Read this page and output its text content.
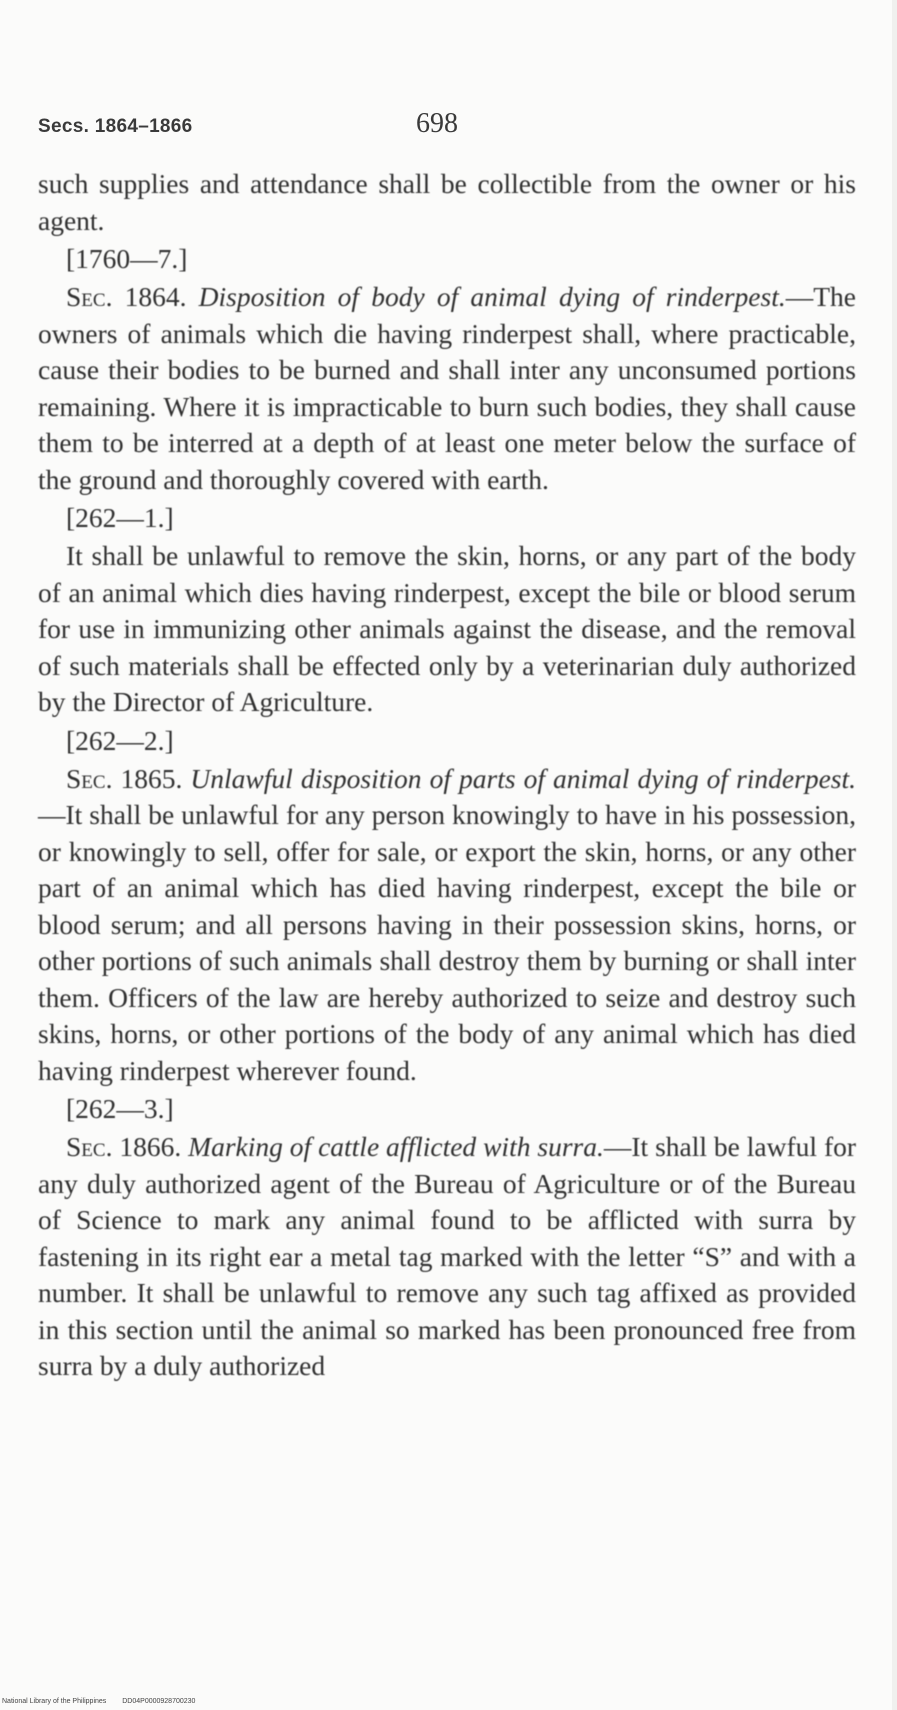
Secs. 1864–1866	698

such supplies and attendance shall be collectible from the owner or his agent.

[1760—7.]

Sec. 1864. Disposition of body of animal dying of rinderpest.—The owners of animals which die having rinderpest shall, where practicable, cause their bodies to be burned and shall inter any unconsumed portions remaining. Where it is impracticable to burn such bodies, they shall cause them to be interred at a depth of at least one meter below the surface of the ground and thoroughly covered with earth.

[262—1.]

It shall be unlawful to remove the skin, horns, or any part of the body of an animal which dies having rinderpest, except the bile or blood serum for use in immunizing other animals against the disease, and the removal of such materials shall be effected only by a veterinarian duly authorized by the Director of Agriculture.

[262—2.]

Sec. 1865. Unlawful disposition of parts of animal dying of rinderpest.—It shall be unlawful for any person knowingly to have in his possession, or knowingly to sell, offer for sale, or export the skin, horns, or any other part of an animal which has died having rinderpest, except the bile or blood serum; and all persons having in their possession skins, horns, or other portions of such animals shall destroy them by burning or shall inter them. Officers of the law are hereby authorized to seize and destroy such skins, horns, or other portions of the body of any animal which has died having rinderpest wherever found.

[262—3.]

Sec. 1866. Marking of cattle afflicted with surra.—It shall be lawful for any duly authorized agent of the Bureau of Agriculture or of the Bureau of Science to mark any animal found to be afflicted with surra by fastening in its right ear a metal tag marked with the letter “S” and with a number. It shall be unlawful to remove any such tag affixed as provided in this section until the animal so marked has been pronounced free from surra by a duly authorized

National Library of the Philippines DD04P0000928700230
